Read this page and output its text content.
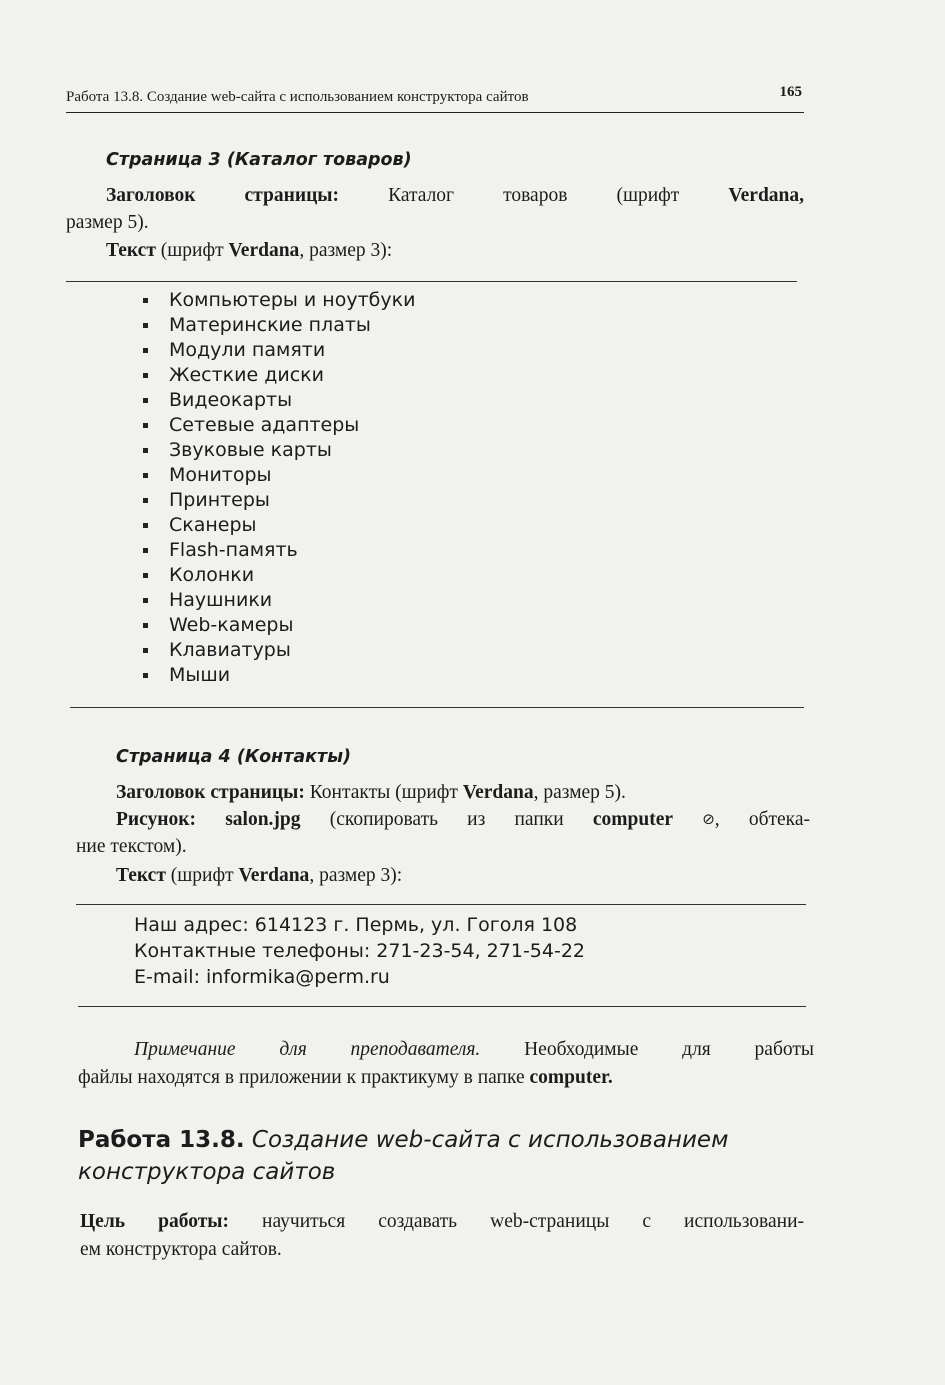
Работа 13.8. Создание web-сайта с использованием конструктора сайтов	165
Страница 3 (Каталог товаров)
Заголовок страницы:	Каталог товаров (шрифт	Verdana,
размер 5).
Текст (шрифт Verdana, размер 3):
Компьютеры и ноутбуки
Материнские платы
Модули памяти
Жесткие диски
Видеокарты
Сетевые адаптеры
Звуковые карты
Мониторы
Принтеры
Сканеры
Flash-память
Колонки
Наушники
Web-камеры
Клавиатуры
Мыши
Страница 4 (Контакты)
Заголовок страницы: Контакты (шрифт Verdana, размер 5).
Рисунок: salon.jpg (скопировать из папки computer ⊘, обтека-
ние текстом).
Текст (шрифт Verdana, размер 3):
Наш адрес: 614123 г. Пермь, ул. Гоголя 108
Контактные телефоны: 271-23-54, 271-54-22
E-mail: informika@perm.ru
Примечание для преподавателя. Необходимые для работы
файлы находятся в приложении к практикуму в папке computer.
Работа 13.8. Создание web-сайта с использованием
конструктора сайтов
Цель работы: научиться создавать web-страницы с использовани-
ем конструктора сайтов.
